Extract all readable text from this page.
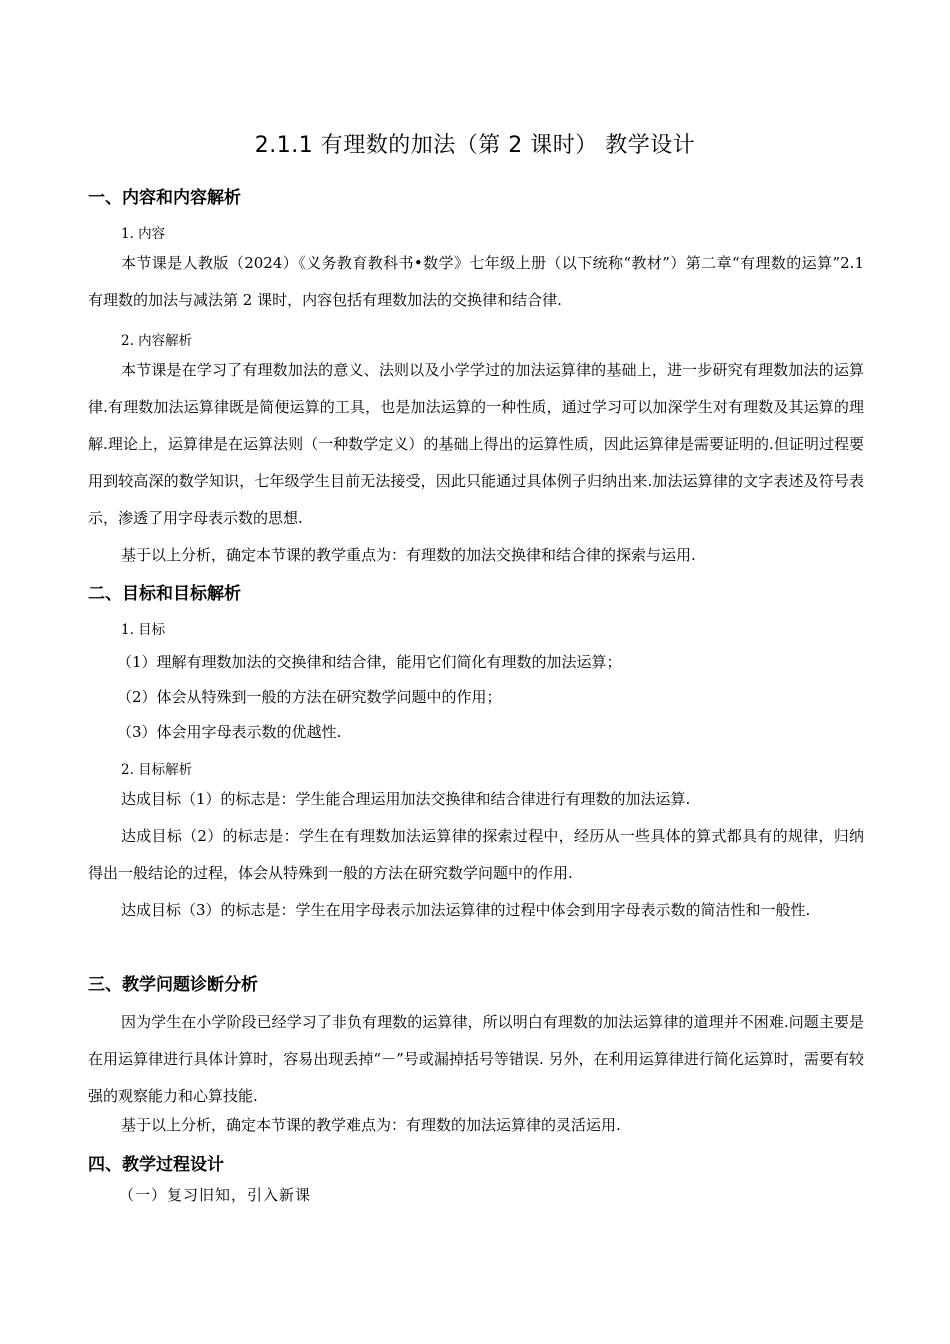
2.1.1 有理数的加法（第 2 课时） 教学设计
一、内容和内容解析
1. 内容

本节课是人教版（2024）《义务教育教科书•数学》七年级上册（以下统称“教材”）第二章“有理数的运算”2.1 有理数的加法与减法第 2 课时，内容包括有理数加法的交换律和结合律.

2. 内容解析

本节课是在学习了有理数加法的意义、法则以及小学学过的加法运算律的基础上，进一步研究有理数加法的运算律.有理数加法运算律既是简便运算的工具，也是加法运算的一种性质，通过学习可以加深学生对有理数及其运算的理解.理论上，运算律是在运算法则（一种数学定义）的基础上得出的运算性质，因此运算律是需要证明的.但证明过程要用到较高深的数学知识，七年级学生目前无法接受，因此只能通过具体例子归纳出来.加法运算律的文字表述及符号表示，渗透了用字母表示数的思想.

基于以上分析，确定本节课的教学重点为：有理数的加法交换律和结合律的探索与运用.

二、目标和目标解析
1. 目标
（1）理解有理数加法的交换律和结合律，能用它们简化有理数的加法运算；
（2）体会从特殊到一般的方法在研究数学问题中的作用；
（3）体会用字母表示数的优越性.
2. 目标解析

达成目标（1）的标志是：学生能合理运用加法交换律和结合律进行有理数的加法运算.

达成目标（2）的标志是：学生在有理数加法运算律的探索过程中，经历从一些具体的算式都具有的规律，归纳得出一般结论的过程，体会从特殊到一般的方法在研究数学问题中的作用.

达成目标（3）的标志是：学生在用字母表示加法运算律的过程中体会到用字母表示数的简洁性和一般性.

三、教学问题诊断分析

因为学生在小学阶段已经学习了非负有理数的运算律，所以明白有理数的加法运算律的道理并不困难.问题主要是在用运算律进行具体计算时，容易出现丢掉“－”号或漏掉括号等错误. 另外，在利用运算律进行简化运算时，需要有较强的观察能力和心算技能.

基于以上分析，确定本节课的教学难点为：有理数的加法运算律的灵活运用.

四、教学过程设计
（一）复习旧知，引入新课
